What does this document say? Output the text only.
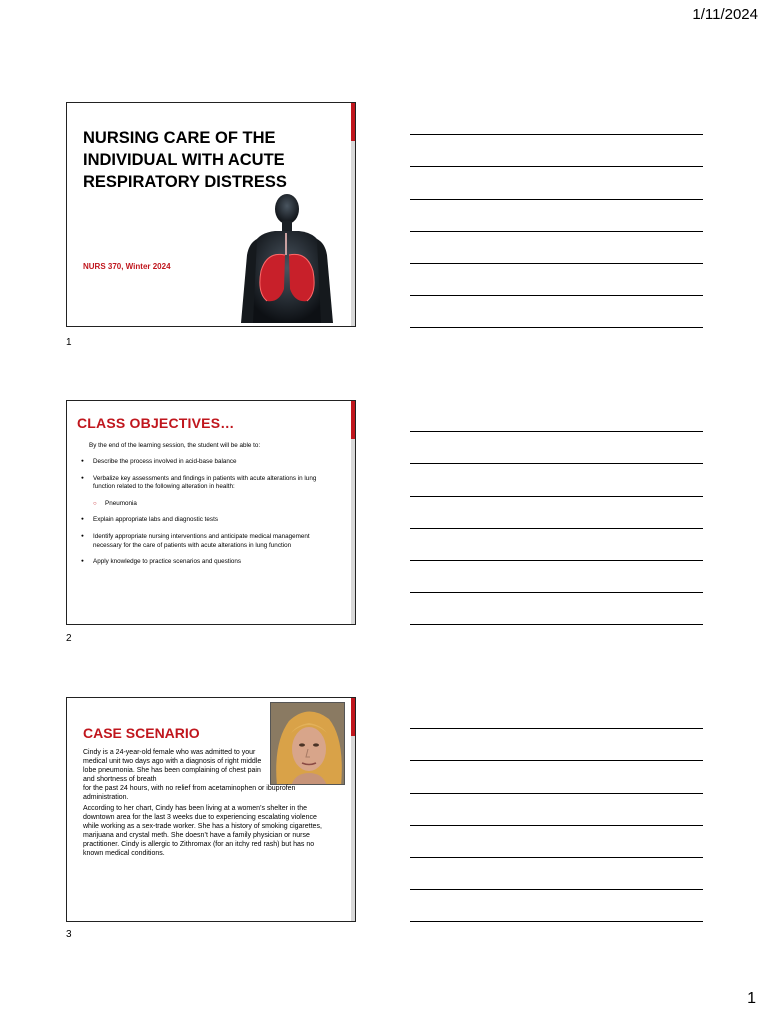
1/11/2024
NURSING CARE OF THE INDIVIDUAL WITH ACUTE RESPIRATORY DISTRESS
NURS 370, Winter 2024
1
CLASS OBJECTIVES…
By the end of the learning session, the student will be able to:
● Describe the process involved in acid-base balance
● Verbalize key assessments and findings in patients with acute alterations in lung function related to the following alteration in health:
○ Pneumonia
● Explain appropriate labs and diagnostic tests
● Identify appropriate nursing interventions and anticipate medical management necessary for the care of patients with acute alterations in lung function
● Apply knowledge to practice scenarios and questions
2
CASE SCENARIO

Cindy is a 24-year-old female who was admitted to your medical unit two days ago with a diagnosis of right middle lobe pneumonia. She has been complaining of chest pain and shortness of breath

for the past 24 hours, with no relief from acetaminophen or ibuprofen administration.

According to her chart, Cindy has been living at a women’s shelter in the downtown area for the last 3 weeks due to experiencing escalating violence while working as a sex-trade worker. She has a history of smoking cigarettes, marijuana and crystal meth. She doesn’t have a family physician or nurse practitioner. Cindy is allergic to Zithromax (for an itchy red rash) but has no known medical conditions.

3
1
